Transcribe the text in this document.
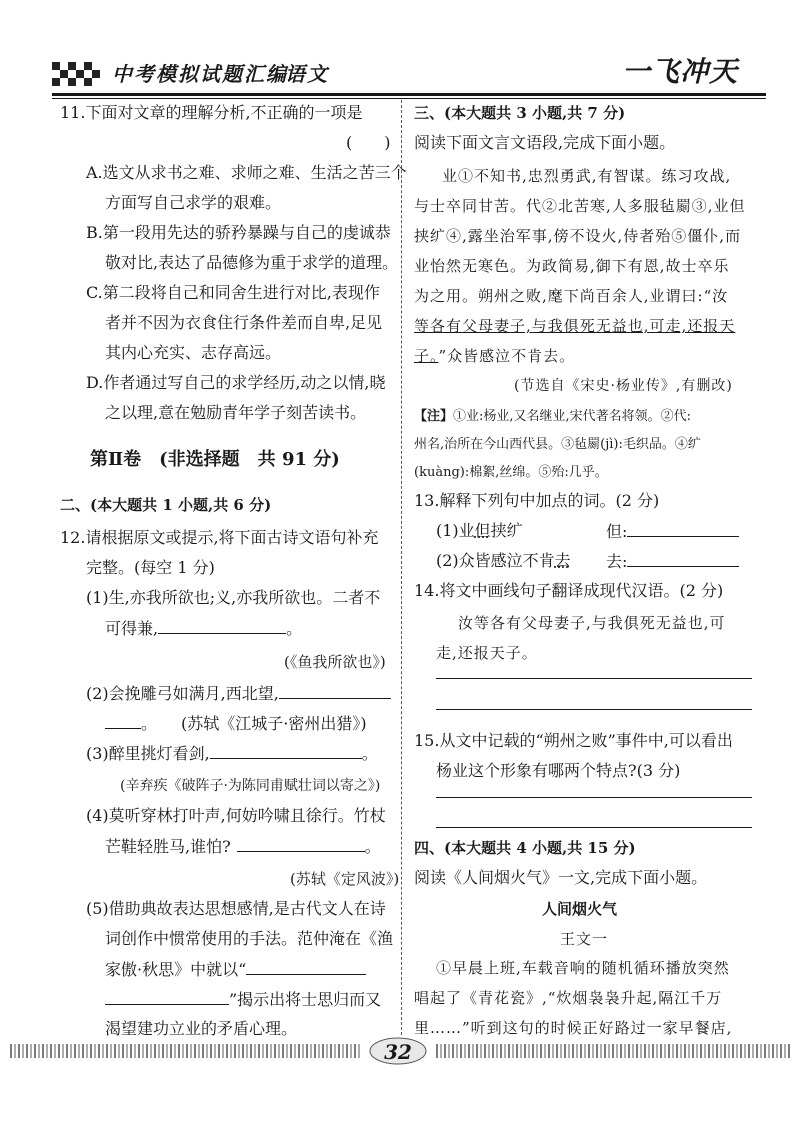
中考模拟试题汇编
语文	一飞冲天
11.下面对文章的理解分析,不正确的一项是
(　　)
A.选文从求书之难、求师之难、生活之苦三个
方面写自己求学的艰难。
B.第一段用先达的骄矜暴躁与自己的虔诚恭
敬对比,表达了品德修为重于求学的道理。
C.第二段将自己和同舍生进行对比,表现作
者并不因为衣食住行条件差而自卑,足见
其内心充实、志存高远。
D.作者通过写自己的求学经历,动之以情,晓
之以理,意在勉励青年学子刻苦读书。
第Ⅱ卷　(非选择题　共 91 分)
二、(本大题共 1 小题,共 6 分)
12.请根据原文或提示,将下面古诗文语句补充
完整。(每空 1 分)
(1)生,亦我所欲也;义,亦我所欲也。二者不
可得兼,	。
(《鱼我所欲也》)
(2)会挽雕弓如满月,西北望,
。　　(苏轼《江城子·密州出猎》)
(3)醉里挑灯看剑,	。
(辛弃疾《破阵子·为陈同甫赋壮词以寄之》)
(4)莫听穿林打叶声,何妨吟啸且徐行。竹杖
芒鞋轻胜马,谁怕?	。
(苏轼《定风波》)
(5)借助典故表达思想感情,是古代文人在诗
词创作中惯常使用的手法。范仲淹在《渔
家傲·秋思》中就以“
”揭示出将士思归而又
渴望建功立业的矛盾心理。
三、(本大题共 3 小题,共 7 分)
阅读下面文言文语段,完成下面小题。
业①不知书,忠烈勇武,有智谋。练习攻战,
与士卒同甘苦。代②北苦寒,人多服毡罽③,业但
挟纩④,露坐治军事,傍不设火,侍者殆⑤僵仆,而
业怡然无寒色。为政简易,御下有恩,故士卒乐
为之用。朔州之败,麾下尚百余人,业谓曰:“汝
等各有父母妻子,与我俱死无益也,可走,还报天
子。”众皆感泣不肯去。
(节选自《宋史·杨业传》,有删改)
【注】①业:杨业,又名继业,宋代著名将领。②代:
州名,治所在今山西代县。③毡罽(jì):毛织品。④纩
(kuàng):棉絮,丝绵。⑤殆:几乎。
13.解释下列句中加点的词。(2 分)
(1)业但挟纩	但:
(2)众皆感泣不肯去 去:
14.将文中画线句子翻译成现代汉语。(2 分)
汝等各有父母妻子,与我俱死无益也,可
走,还报天子。
15.从文中记载的“朔州之败”事件中,可以看出
杨业这个形象有哪两个特点?(3 分)
四、(本大题共 4 小题,共 15 分)
阅读《人间烟火气》一文,完成下面小题。
人间烟火气
王文一
①早晨上班,车载音响的随机循环播放突然
唱起了《青花瓷》,“炊烟袅袅升起,隔江千万
里……”听到这句的时候正好路过一家早餐店,
32
